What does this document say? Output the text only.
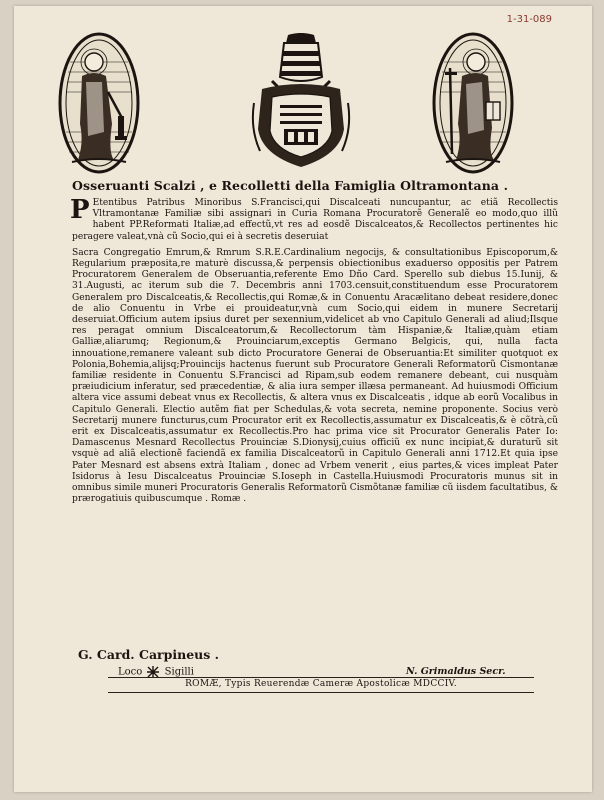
1-31-089
Osseruanti Scalzi , e Recolletti della Famiglia Oltramontana .

P Etentibus Patribus Minoribus S.Francisci,qui Discalceati nuncupantur, ac etiã Recollectis Vltramontanæ Familiæ sibi assignari in Curia Romana Procuratorẽ Generalẽ eo modo,quo illũ habent PP.Reformati Italiæ,ad effectũ,vt res ad eosdẽ Discalceatos,& Recollectos pertinentes hic peragere valeat,vnà cũ Socio,qui ei à secretis deseruiat

Sacra Congregatio Emrum,& Rmrum S.R.E.Cardinalium negocijs, & consultationibus Episcoporum,& Regularium præposita,re maturè discussa,& perpensis obiectionibus exaduerso oppositis per Patrem Procuratorem Generalem de Obseruantia,referente Emo Dño Card. Sperello sub diebus 15.Iunij, & 31.Augusti, ac iterum sub die 7. Decembris anni 1703.censuit,constituendum esse Procuratorem Generalem pro Discalceatis,& Recollectis,qui Romæ,& in Conuentu Aracælitano debeat residere,donec de alio Conuentu in Vrbe ei prouideatur,vnà cum Socio,qui eidem in munere Secretarij deseruiat.Officium autem ipsius duret per sexennium,videlicet ab vno Capitulo Generali ad aliud;Ilsque res peragat omnium Discalceatorum,& Recollectorum tàm Hispaniæ,& Italiæ,quàm etiam Galliæ,aliarumq; Regionum,& Prouinciarum,exceptis Germano Belgicis, qui, nulla facta innouatione,remanere valeant sub dicto Procuratore Generai de Obseruantia:Et similiter quotquot ex Polonia,Bohemia,alijsq;Prouincijs hactenus fuerunt sub Procuratore Generali Reformatorũ Cismontanæ familiæ residente in Conuentu S.Francisci ad Ripam,sub eodem remanere debeant, cui nusquàm præiudicium inferatur, sed præcedentiæ, & alia iura semper illæsa permaneant. Ad huiusmodi Officium altera vice assumi debeat vnus ex Recollectis, & altera vnus ex Discalceatis , idque ab eorũ Vocalibus in Capitulo Generali. Electio autẽm fiat per Schedulas,& vota secreta, nemine proponente. Socius verò Secretarij munere functurus,cum Procurator erit ex Recollectis,assumatur ex Discalceatis,& è cõtrà,cũ erit ex Discalceatis,assumatur ex Recollectis.Pro hac prima vice sit Procurator Generalis Pater Io: Damascenus Mesnard Recollectus Prouinciæ S.Dionysij,cuius officiũ ex nunc incipiat,& duraturũ sit vsquè ad aliã electionẽ faciendã ex familia Discalceatorũ in Capitulo Generali anni 1712.Et quia ipse Pater Mesnard est absens extrà Italiam , donec ad Vrbem venerit , eius partes,& vices impleat Pater Isidorus à Iesu Discalceatus Prouinciæ S.Ioseph in Castella.Huiusmodi Procuratoris munus sit in omnibus simile muneri Procuratoris Generalis Reformatorũ Cismõtanæ familiæ cũ iisdem facultatibus, & prærogatiuis quibuscumque . Romæ .

G. Card. Carpineus .
Loco Sigilli	N. Grimaldus Secr.
ROMÆ, Typis Reuerendæ Cameræ Apostolicæ MDCCIV.
